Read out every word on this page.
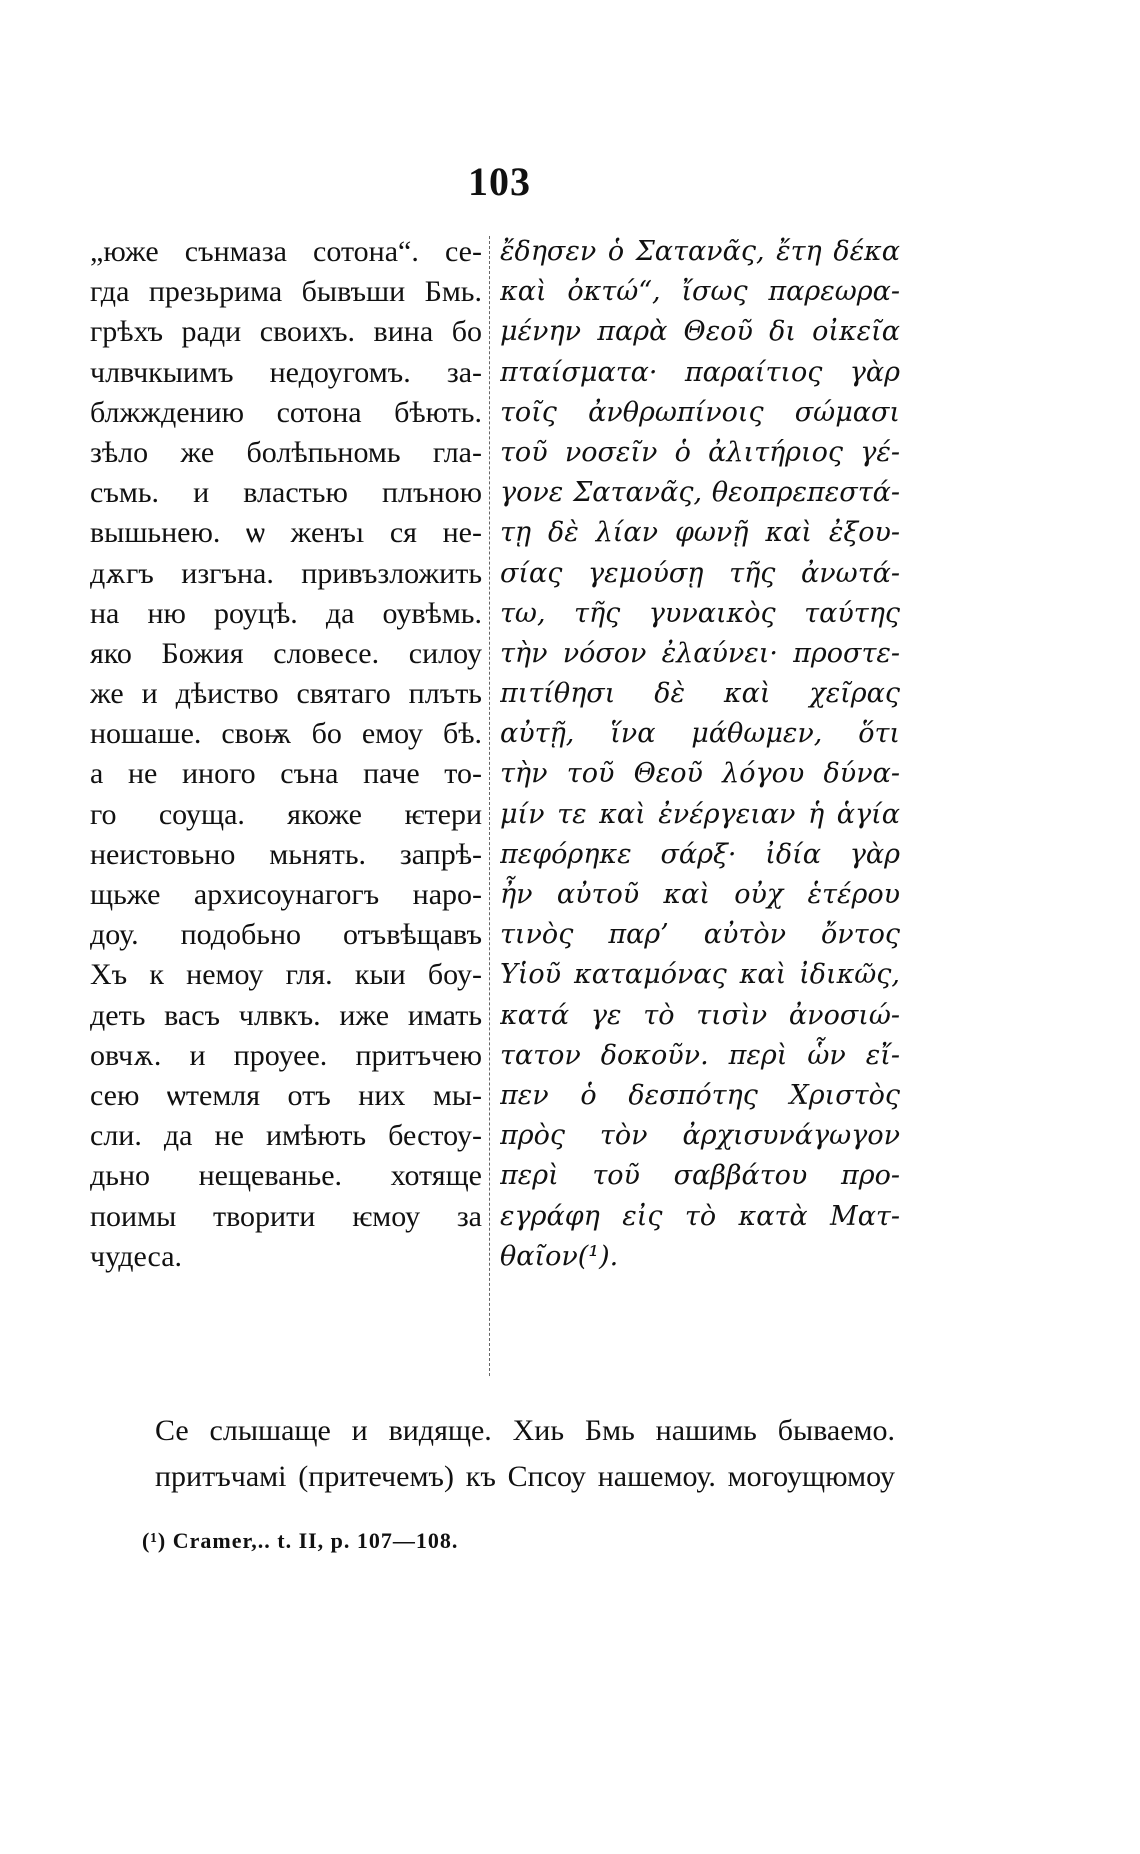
103
„юже сънмаза сотона“. се-
гда презьрима бывъши Бмь.
грѣхъ ради своихъ. вина бо
члвчкыимъ недоугомъ. за-
блжждению сотона бѣють.
зѣло же болѣпьномь гла-
съмь. и властью плъною
вышьнею. ѡ женъı ся не-
дѫгъ изгъна. привъзложить
на ню роуцѣ. да оувѣмь.
яко Божия словесе. силоу
же и дѣиство святаго плъть
ношаше. своѭ бо емоу бѣ.
а не иного съна паче то-
го соуща. якоже ѥтери
неистовьно мьнять. запрѣ-
щьже архисоунагогъ наро-
доу. подобьно отъвѣщавъ
Хъ к немоу гля. кыи боу-
деть васъ члвкъ. иже имать
овчѫ. и проуее. притъчею
сею ѡтемля отъ них мы-
сли. да не имѣють бестоу-
дьно нещеванье. хотяще
поимы творити ѥмоу за
чудеса.
ἔδησεν ὁ Σατανᾶς, ἔτη δέκα
καὶ ὀκτώ“, ἴσως παρεωρα-
μένην παρὰ Θεοῦ δι οἰκεῖα
πταίσματα· παραίτιος γὰρ
τοῖς ἀνθρωπίνοις σώμασι
τοῦ νοσεῖν ὁ ἀλιτήριος γέ-
γονε Σατανᾶς, θεοπρεπεστά-
τῃ δὲ λίαν φωνῇ καὶ ἐξου-
σίας γεμούσῃ τῆς ἀνωτά-
τω, τῆς γυναικὸς ταύτης
τὴν νόσον ἐλαύνει· προστε-
πιτίθησι δὲ καὶ χεῖρας
αὐτῇ, ἵνα μάθωμεν, ὅτι
τὴν τοῦ Θεοῦ λόγου δύνα-
μίν τε καὶ ἐνέργειαν ἡ ἁγία
πεφόρηκε σάρξ· ἰδία γὰρ
ἦν αὐτοῦ καὶ οὐχ ἑτέρου
τινὸς παρ’ αὐτὸν ὄντος
Υἱοῦ καταμόνας καὶ ἰδικῶς,
κατά γε τὸ τισὶν ἀνοσιώ-
τατον δοκοῦν. περὶ ὧν εἴ-
πεν ὁ δεσπότης Χριστὸς
πρὸς τὸν ἀρχισυνάγωγον
περὶ τοῦ σαββάτου προ-
εγράφη εἰς τὸ κατὰ Ματ-
θαῖον(¹).
Се слышаще и видяще. Хиь Бмь нашимь бываемо.
притъчамі (притечемъ) къ Спсоу нашемоу. могоущюмоу
(¹) Cramer,.. t. II, p. 107—108.
